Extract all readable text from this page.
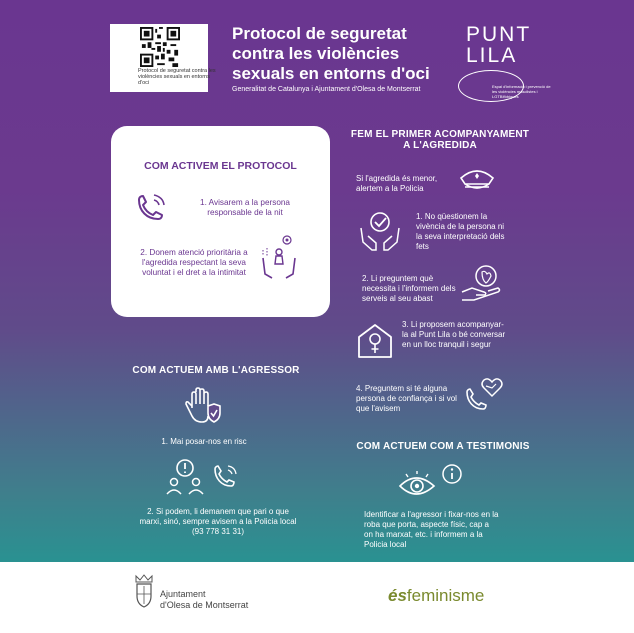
Protocol de seguretat contra les violències sexuals en entorns d'oci
Protocol de seguretat
contra les violències
sexuals en entorns d'oci
Generalitat de Catalunya i Ajuntament d'Olesa de Montserrat
PUNT
LILA
Espai d'informació i prevenció de les violències masclistes i LGTBIfòbiques
COM ACTIVEM EL PROTOCOL
1. Avisarem a la persona responsable de la nit
2. Donem atenció prioritària a l'agredida respectant la seva voluntat i el dret a la intimitat
COM ACTUEM AMB L'AGRESSOR
1. Mai posar-nos en risc
2. Si podem, li demanem que pari o que marxi, sinó, sempre avisem a la Policia local (93 778 31 31)
FEM EL PRIMER ACOMPANYAMENT
A L'AGREDIDA
Si l'agredida és menor, alertem a la Policia
1. No qüestionem la vivència de la persona ni la seva interpretació dels fets
2. Li preguntem què necessita i l'informem dels serveis al seu abast
3. Li proposem acompanyar-la al Punt Lila o bé conversar en un lloc tranquil i segur
4. Preguntem si té alguna persona de confiança i si vol que l'avisem
COM ACTUEM COM A TESTIMONIS
Identificar a l'agressor i fixar-nos en la roba que porta, aspecte físic, cap a on ha marxat, etc. i informem a la Policia local
Ajuntament
d'Olesa de Montserrat	ésfeminisme
